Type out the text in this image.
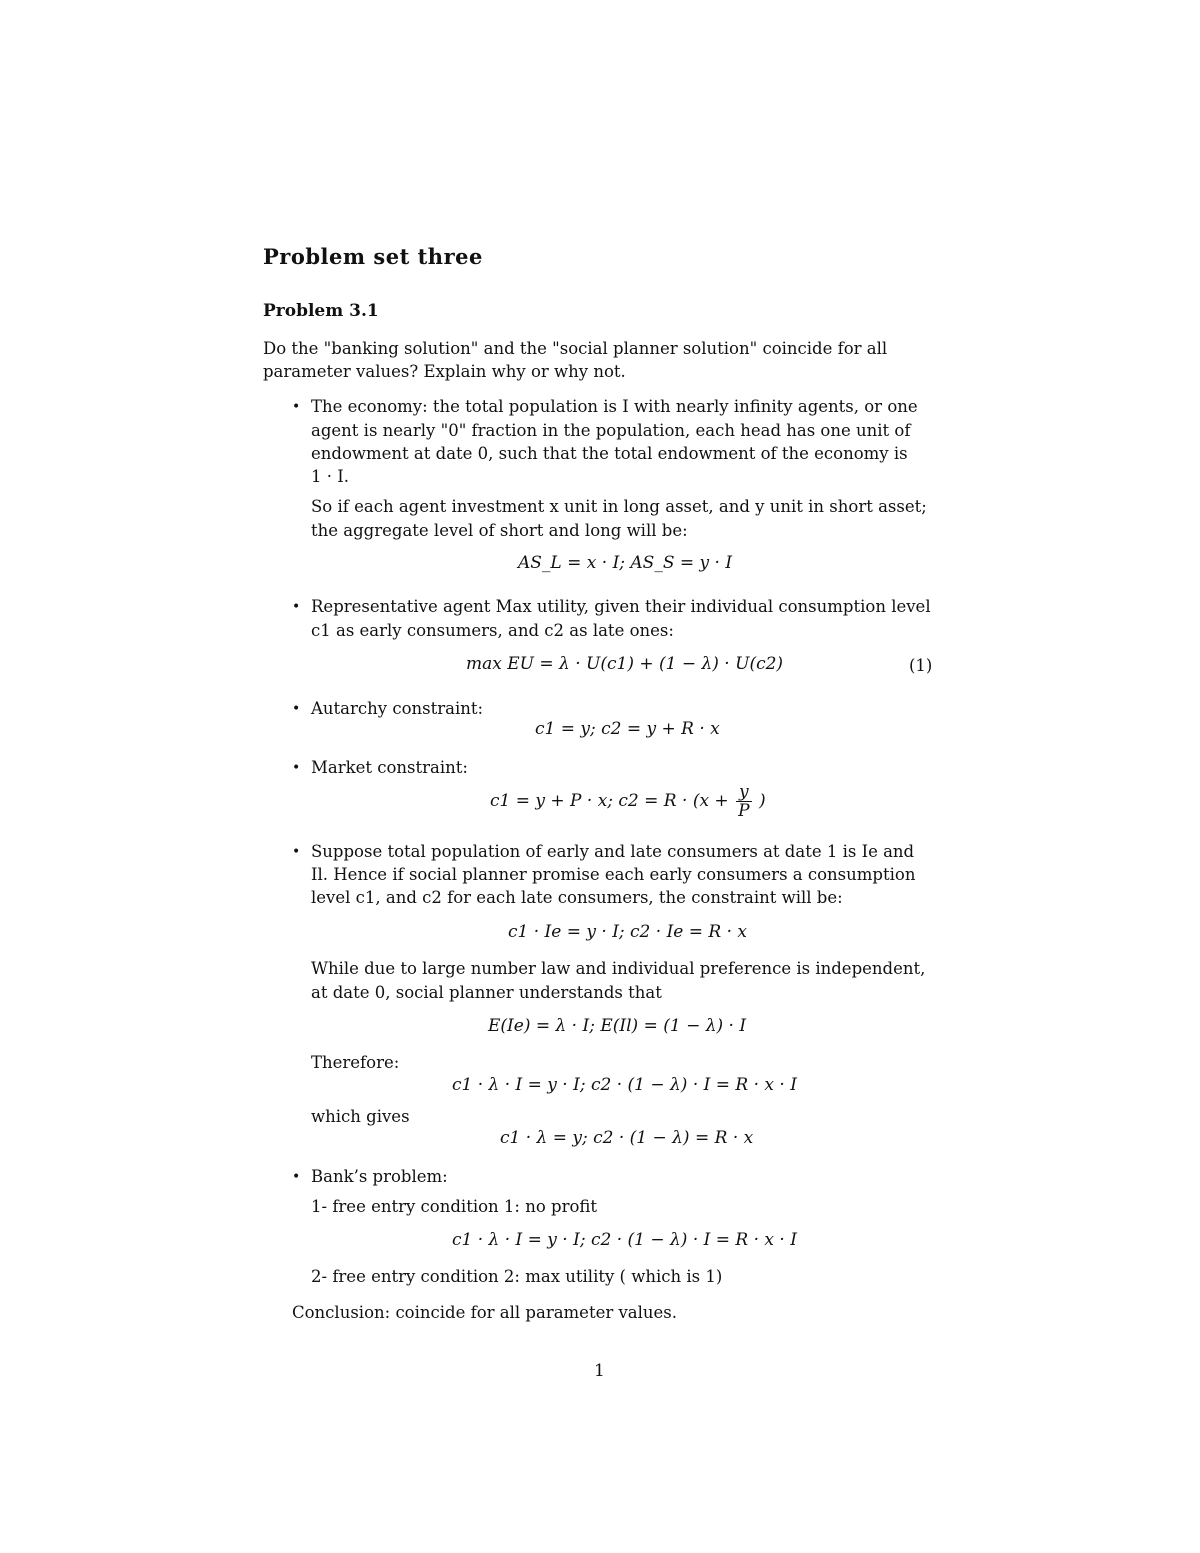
Problem set three
Problem 3.1
Do the "banking solution" and the "social planner solution" coincide for all
parameter values? Explain why or why not.
• The economy: the total population is I with nearly infinity agents, or one
agent is nearly "0" fraction in the population, each head has one unit of
endowment at date 0, such that the total endowment of the economy is
1 · I.
So if each agent investment x unit in long asset, and y unit in short asset;
the aggregate level of short and long will be:
AS_L = x · I; AS_S = y · I
• Representative agent Max utility, given their individual consumption level
c1 as early consumers, and c2 as late ones:
max EU = λ · U(c1) + (1 − λ) · U(c2)	(1)
• Autarchy constraint:
c1 = y; c2 = y + R · x
• Market constraint:
c1 = y + P · x; $c2 = R \cdot (x + \frac{y}{P}$ )
• Suppose total population of early and late consumers at date 1 is Ie and
Il. Hence if social planner promise each early consumers a consumption
level c1, and c2 for each late consumers, the constraint will be:
c1 · Ie = y · I; c2 · Ie = R · x
While due to large number law and individual preference is independent,
at date 0, social planner understands that
E(Ie) = λ · I; E(Il) = (1 − λ) · I
Therefore:
c1 · λ · I = y · I; c2 · (1 − λ) · I = R · x · I
which gives
c1 · λ = y; c2 · (1 − λ) = R · x
• Bank’s problem:
1- free entry condition 1: no profit
c1 · λ · I = y · I; c2 · (1 − λ) · I = R · x · I
2- free entry condition 2: max utility ( which is 1)
Conclusion: coincide for all parameter values.
1
